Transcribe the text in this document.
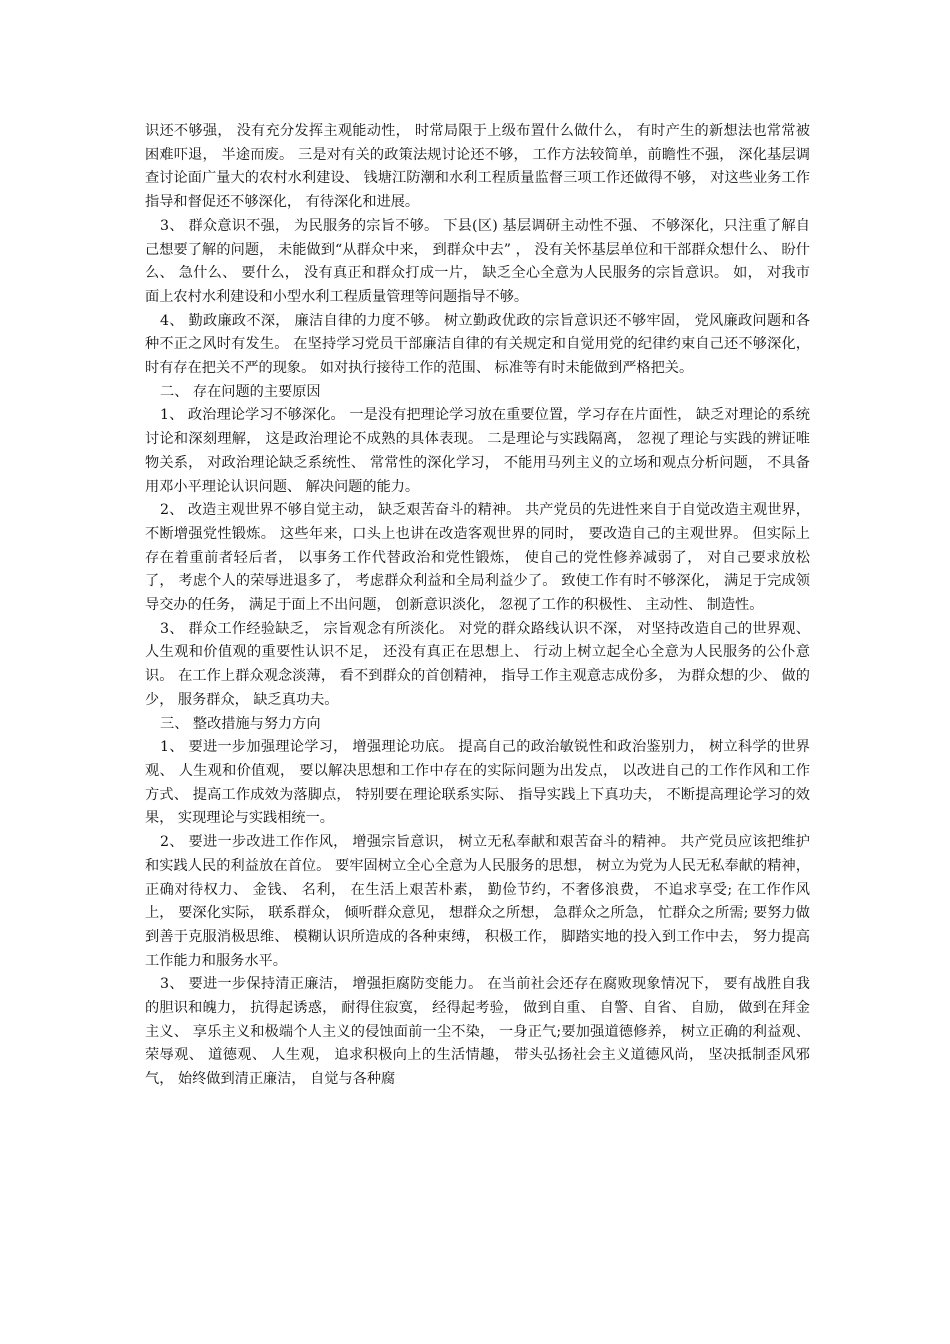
识还不够强， 没有充分发挥主观能动性， 时常局限于上级布置什么做什么， 有时产生的新想法也常常被困难吓退， 半途而废。 三是对有关的政策法规讨论还不够， 工作方法较简单，前瞻性不强， 深化基层调查讨论面广量大的农村水利建设、 钱塘江防潮和水利工程质量监督三项工作还做得不够， 对这些业务工作指导和督促还不够深化， 有待深化和进展。

3、 群众意识不强， 为民服务的宗旨不够。 下县(区) 基层调研主动性不强、 不够深化，只注重了解自己想要了解的问题， 未能做到“从群众中来， 到群众中去” ， 没有关怀基层单位和干部群众想什么、 盼什么、 急什么、 要什么， 没有真正和群众打成一片， 缺乏全心全意为人民服务的宗旨意识。 如， 对我市面上农村水利建设和小型水利工程质量管理等问题指导不够。

4、 勤政廉政不深， 廉洁自律的力度不够。 树立勤政优政的宗旨意识还不够牢固， 党风廉政问题和各种不正之风时有发生。 在坚持学习党员干部廉洁自律的有关规定和自觉用党的纪律约束自己还不够深化， 时有存在把关不严的现象。 如对执行接待工作的范围、 标准等有时未能做到严格把关。

二、 存在问题的主要原因

1、 政治理论学习不够深化。 一是没有把理论学习放在重要位置，学习存在片面性， 缺乏对理论的系统讨论和深刻理解， 这是政治理论不成熟的具体表现。 二是理论与实践隔离， 忽视了理论与实践的辨证唯物关系， 对政治理论缺乏系统性、 常常性的深化学习， 不能用马列主义的立场和观点分析问题， 不具备用邓小平理论认识问题、 解决问题的能力。

2、 改造主观世界不够自觉主动， 缺乏艰苦奋斗的精神。 共产党员的先进性来自于自觉改造主观世界， 不断增强党性锻炼。 这些年来，口头上也讲在改造客观世界的同时， 要改造自己的主观世界。 但实际上存在着重前者轻后者， 以事务工作代替政治和党性锻炼， 使自己的党性修养减弱了， 对自己要求放松了， 考虑个人的荣辱进退多了， 考虑群众利益和全局利益少了。 致使工作有时不够深化， 满足于完成领导交办的任务， 满足于面上不出问题， 创新意识淡化， 忽视了工作的积极性、 主动性、 制造性。

3、 群众工作经验缺乏， 宗旨观念有所淡化。 对党的群众路线认识不深， 对坚持改造自己的世界观、 人生观和价值观的重要性认识不足， 还没有真正在思想上、 行动上树立起全心全意为人民服务的公仆意识。 在工作上群众观念淡薄， 看不到群众的首创精神， 指导工作主观意志成份多， 为群众想的少、 做的少， 服务群众， 缺乏真功夫。

三、 整改措施与努力方向

1、 要进一步加强理论学习， 增强理论功底。 提高自己的政治敏锐性和政治鉴别力， 树立科学的世界观、 人生观和价值观， 要以解决思想和工作中存在的实际问题为出发点， 以改进自己的工作作风和工作方式、 提高工作成效为落脚点， 特别要在理论联系实际、 指导实践上下真功夫， 不断提高理论学习的效果， 实现理论与实践相统一。

2、 要进一步改进工作作风， 增强宗旨意识， 树立无私奉献和艰苦奋斗的精神。 共产党员应该把维护和实践人民的利益放在首位。 要牢固树立全心全意为人民服务的思想， 树立为党为人民无私奉献的精神， 正确对待权力、 金钱、 名利， 在生活上艰苦朴素， 勤俭节约，不奢侈浪费， 不追求享受; 在工作作风上， 要深化实际， 联系群众， 倾听群众意见， 想群众之所想， 急群众之所急， 忙群众之所需; 要努力做到善于克服消极思维、 模糊认识所造成的各种束缚， 积极工作， 脚踏实地的投入到工作中去， 努力提高工作能力和服务水平。

3、 要进一步保持清正廉洁， 增强拒腐防变能力。 在当前社会还存在腐败现象情况下， 要有战胜自我的胆识和魄力， 抗得起诱惑， 耐得住寂寞， 经得起考验， 做到自重、 自警、自省、 自励， 做到在拜金主义、 享乐主义和极端个人主义的侵蚀面前一尘不染， 一身正气;要加强道德修养， 树立正确的利益观、 荣辱观、 道德观、 人生观， 追求积极向上的生活情趣， 带头弘扬社会主义道德风尚， 坚决抵制歪风邪气， 始终做到清正廉洁， 自觉与各种腐
